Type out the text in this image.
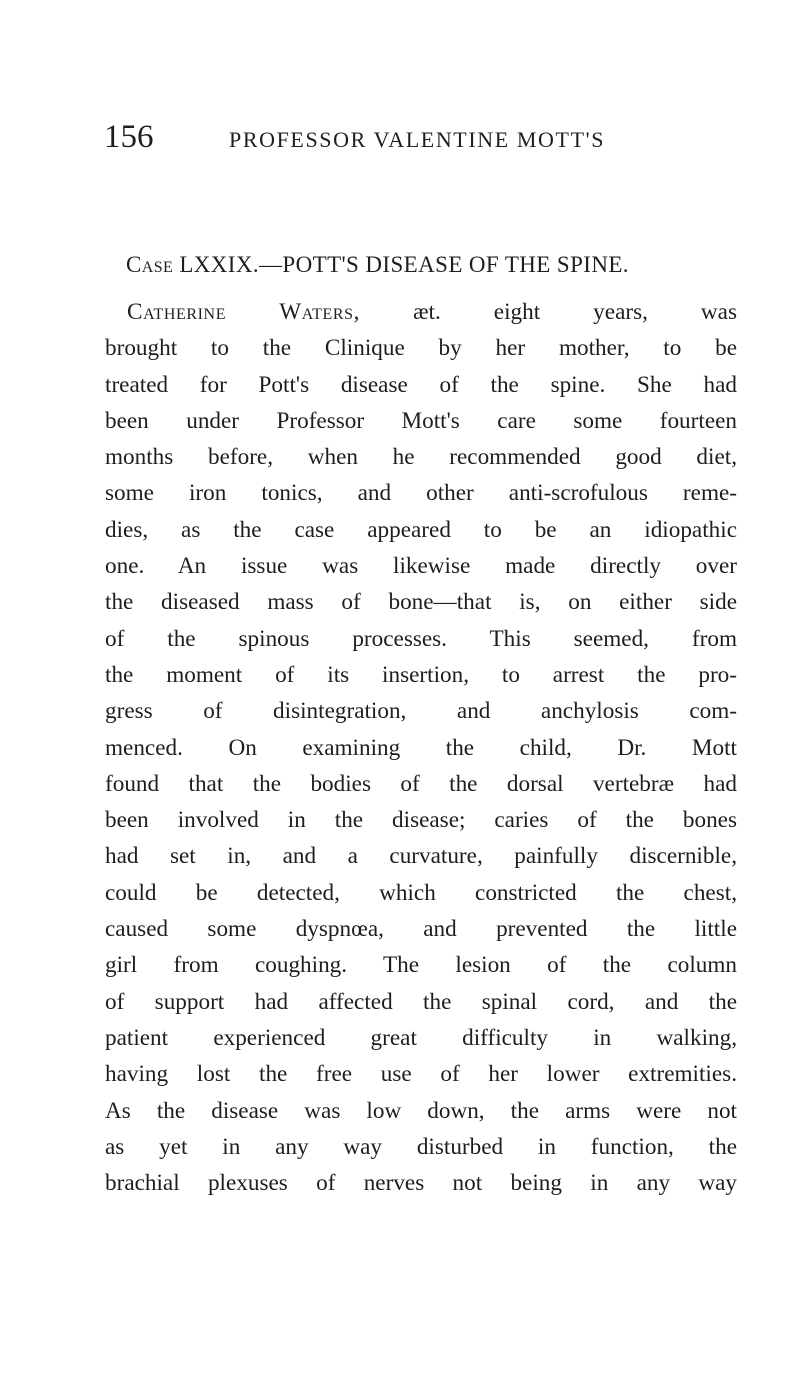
156	PROFESSOR VALENTINE MOTT'S
Case LXXIX.—POTT'S DISEASE OF THE SPINE.
Catherine Waters, æt. eight years, was
brought to the Clinique by her mother, to be
treated for Pott's disease of the spine. She had
been under Professor Mott's care some fourteen
months before, when he recommended good diet,
some iron tonics, and other anti-scrofulous reme-
dies, as the case appeared to be an idiopathic
one. An issue was likewise made directly over
the diseased mass of bone—that is, on either side
of the spinous processes. This seemed, from
the moment of its insertion, to arrest the pro-
gress of disintegration, and anchylosis com-
menced. On examining the child, Dr. Mott
found that the bodies of the dorsal vertebræ had
been involved in the disease; caries of the bones
had set in, and a curvature, painfully discernible,
could be detected, which constricted the chest,
caused some dyspnœa, and prevented the little
girl from coughing. The lesion of the column
of support had affected the spinal cord, and the
patient experienced great difficulty in walking,
having lost the free use of her lower extremities.
As the disease was low down, the arms were not
as yet in any way disturbed in function, the
brachial plexuses of nerves not being in any way
